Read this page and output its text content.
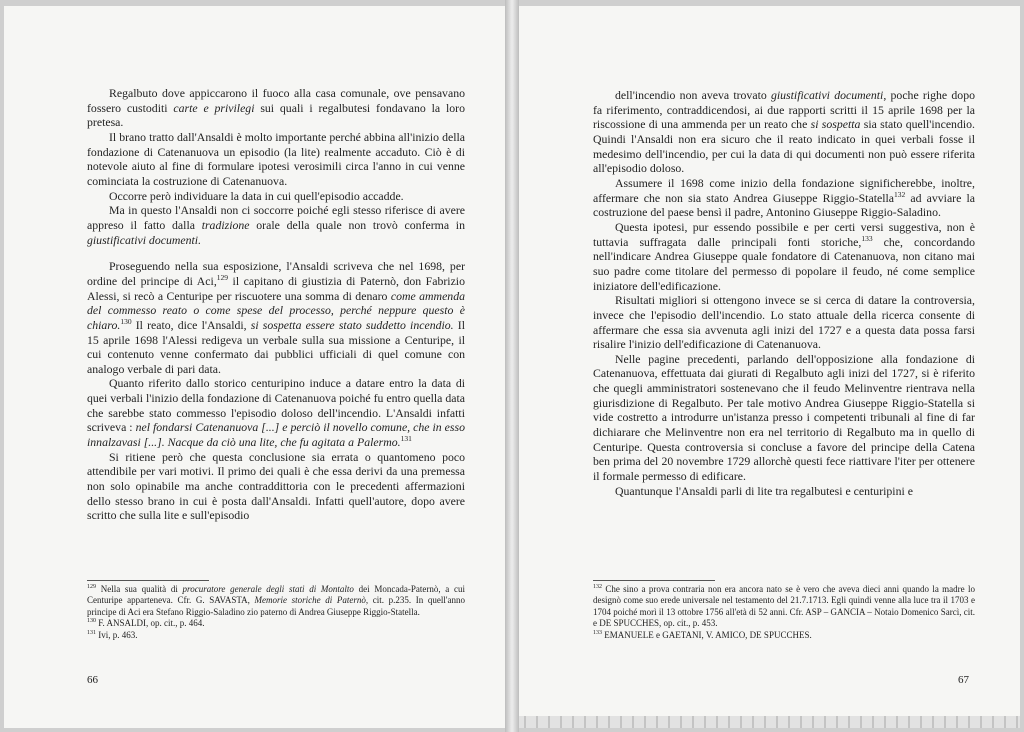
Regalbuto dove appiccarono il fuoco alla casa comunale, ove pensavano fossero custoditi carte e privilegi sui quali i regalbutesi fondavano la loro pretesa.

Il brano tratto dall'Ansaldi è molto importante perché abbina all'inizio della fondazione di Catenanuova un episodio (la lite) realmente accaduto. Ciò è di notevole aiuto al fine di formulare ipotesi verosimili circa l'anno in cui venne cominciata la costruzione di Catenanuova.

Occorre però individuare la data in cui quell'episodio accadde.

Ma in questo l'Ansaldi non ci soccorre poiché egli stesso riferisce di avere appreso il fatto dalla tradizione orale della quale non trovò conferma in giustificativi documenti.

Proseguendo nella sua esposizione, l'Ansaldi scriveva che nel 1698, per ordine del principe di Aci,$^{129}$ il capitano di giustizia di Paternò, don Fabrizio Alessi, si recò a Centuripe per riscuotere una somma di denaro come ammenda del commesso reato o come spese del processo, perché neppure questo è chiaro.$^{130}$ Il reato, dice l'Ansaldi, si sospetta essere stato suddetto incendio. Il 15 aprile 1698 l'Alessi redigeva un verbale sulla sua missione a Centuripe, il cui contenuto venne confermato dai pubblici ufficiali di quel comune con analogo verbale di pari data.

Quanto riferito dallo storico centuripino induce a datare entro la data di quei verbali l'inizio della fondazione di Catenanuova poiché fu entro quella data che sarebbe stato commesso l'episodio doloso dell'incendio. L'Ansaldi infatti scriveva : nel fondarsi Catenanuova [...] e perciò il novello comune, che in esso innalzavasi [...]. Nacque da ciò una lite, che fu agitata a Palermo.$^{131}$

Si ritiene però che questa conclusione sia errata o quantomeno poco attendibile per vari motivi. Il primo dei quali è che essa derivi da una premessa non solo opinabile ma anche contraddittoria con le precedenti affermazioni dello stesso brano in cui è posta dall'Ansaldi. Infatti quell'autore, dopo avere scritto che sulla lite e sull'episodio

$^{129}$ Nella sua qualità di procuratore generale degli stati di Montalto dei Moncada-Paternò, a cui Centuripe apparteneva. Cfr. G. SAVASTA, Memorie storiche di Paternò, cit. p.235. In quell'anno principe di Aci era Stefano Riggio-Saladino zio paterno di Andrea Giuseppe Riggio-Statella.

$^{130}$ F. ANSALDI, op. cit., p. 464.

$^{131}$ Ivi, p. 463.

66

dell'incendio non aveva trovato giustificativi documenti, poche righe dopo fa riferimento, contraddicendosi, ai due rapporti scritti il 15 aprile 1698 per la riscossione di una ammenda per un reato che si sospetta sia stato quell'incendio. Quindi l'Ansaldi non era sicuro che il reato indicato in quei verbali fosse il medesimo dell'incendio, per cui la data di qui documenti non può essere riferita all'episodio doloso.

Assumere il 1698 come inizio della fondazione significherebbe, inoltre, affermare che non sia stato Andrea Giuseppe Riggio-Statella$^{132}$ ad avviare la costruzione del paese bensì il padre, Antonino Giuseppe Riggio-Saladino.

Questa ipotesi, pur essendo possibile e per certi versi suggestiva, non è tuttavia suffragata dalle principali fonti storiche,$^{133}$ che, concordando nell'indicare Andrea Giuseppe quale fondatore di Catenanuova, non citano mai suo padre come titolare del permesso di popolare il feudo, né come semplice iniziatore dell'edificazione.

Risultati migliori si ottengono invece se si cerca di datare la controversia, invece che l'episodio dell'incendio. Lo stato attuale della ricerca consente di affermare che essa sia avvenuta agli inizi del 1727 e a questa data possa farsi risalire l'inizio dell'edificazione di Catenanuova.

Nelle pagine precedenti, parlando dell'opposizione alla fondazione di Catenanuova, effettuata dai giurati di Regalbuto agli inizi del 1727, si è riferito che quegli amministratori sostenevano che il feudo Melinventre rientrava nella giurisdizione di Regalbuto. Per tale motivo Andrea Giuseppe Riggio-Statella si vide costretto a introdurre un'istanza presso i competenti tribunali al fine di far dichiarare che Melinventre non era nel territorio di Regalbuto ma in quello di Centuripe. Questa controversia si concluse a favore del principe della Catena ben prima del 20 novembre 1729 allorchè questi fece riattivare l'iter per ottenere il formale permesso di edificare.

Quantunque l'Ansaldi parli di lite tra regalbutesi e centuripini e

$^{132}$ Che sino a prova contraria non era ancora nato se è vero che aveva dieci anni quando la madre lo designò come suo erede universale nel testamento del 21.7.1713. Egli quindi venne alla luce tra il 1703 e 1704 poiché morì il 13 ottobre 1756 all'età di 52 anni. Cfr. ASP – GANCIA – Notaio Domenico Sarcì, cit. e DE SPUCCHES, op. cit., p. 453.

$^{133}$ EMANUELE e GAETANI, V. AMICO, DE SPUCCHES.

67
